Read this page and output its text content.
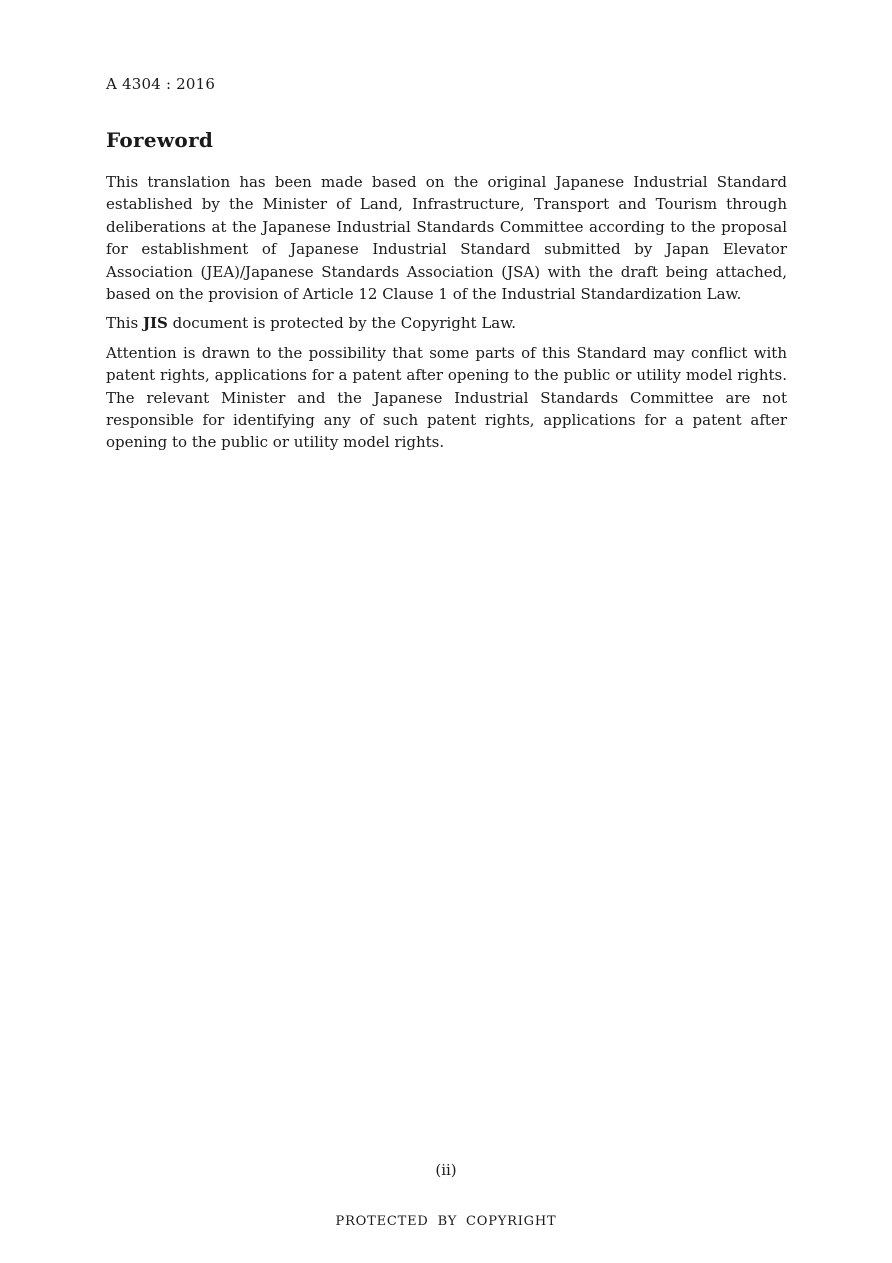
A 4304 : 2016
Foreword

This translation has been made based on the original Japanese Industrial Standard established by the Minister of Land, Infrastructure, Transport and Tourism through deliberations at the Japanese Industrial Standards Committee according to the proposal for establishment of Japanese Industrial Standard submitted by Japan Elevator Association (JEA)/Japanese Standards Association (JSA) with the draft being attached, based on the provision of Article 12 Clause 1 of the Industrial Standardization Law.

This JIS document is protected by the Copyright Law.

Attention is drawn to the possibility that some parts of this Standard may conflict with patent rights, applications for a patent after opening to the public or utility model rights. The relevant Minister and the Japanese Industrial Standards Committee are not responsible for identifying any of such patent rights, applications for a patent after opening to the public or utility model rights.

(ii)
PROTECTED BY COPYRIGHT
